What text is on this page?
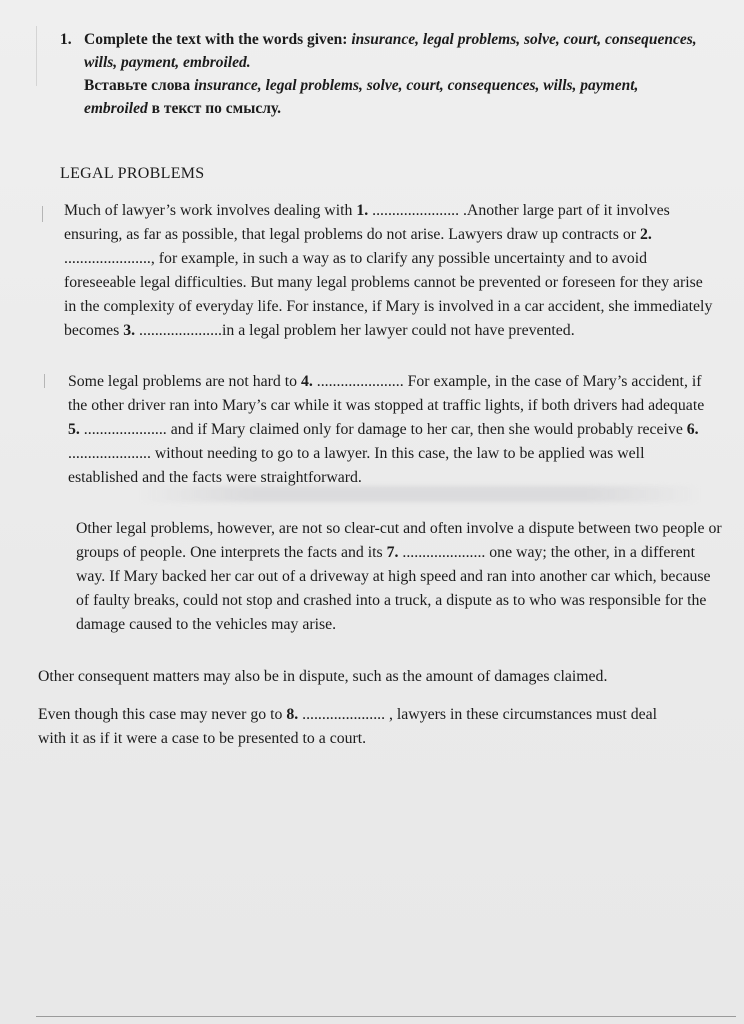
1. Complete the text with the words given: insurance, legal problems, solve, court, consequences, wills, payment, embroiled.
Вставьте слова insurance, legal problems, solve, court, consequences, wills, payment, embroiled в текст по смыслу.
LEGAL PROBLEMS

Much of lawyer’s work involves dealing with 1. ...................... .Another large part of it involves ensuring, as far as possible, that legal problems do not arise. Lawyers draw up contracts or 2. ......................, for example, in such a way as to clarify any possible uncertainty and to avoid foreseeable legal difficulties. But many legal problems cannot be prevented or foreseen for they arise in the complexity of everyday life. For instance, if Mary is involved in a car accident, she immediately becomes 3. .....................in a legal problem her lawyer could not have prevented.

Some legal problems are not hard to 4. ...................... For example, in the case of Mary’s accident, if the other driver ran into Mary’s car while it was stopped at traffic lights, if both drivers had adequate 5. ..................... and if Mary claimed only for damage to her car, then she would probably receive 6. ..................... without needing to go to a lawyer. In this case, the law to be applied was well established and the facts were straightforward.

Other legal problems, however, are not so clear-cut and often involve a dispute between two people or groups of people. One interprets the facts and its 7. ..................... one way; the other, in a different way. If Mary backed her car out of a driveway at high speed and ran into another car which, because of faulty breaks, could not stop and crashed into a truck, a dispute as to who was responsible for the damage caused to the vehicles may arise.

Other consequent matters may also be in dispute, such as the amount of damages claimed.

Even though this case may never go to 8. ..................... , lawyers in these circumstances must deal with it as if it were a case to be presented to a court.
